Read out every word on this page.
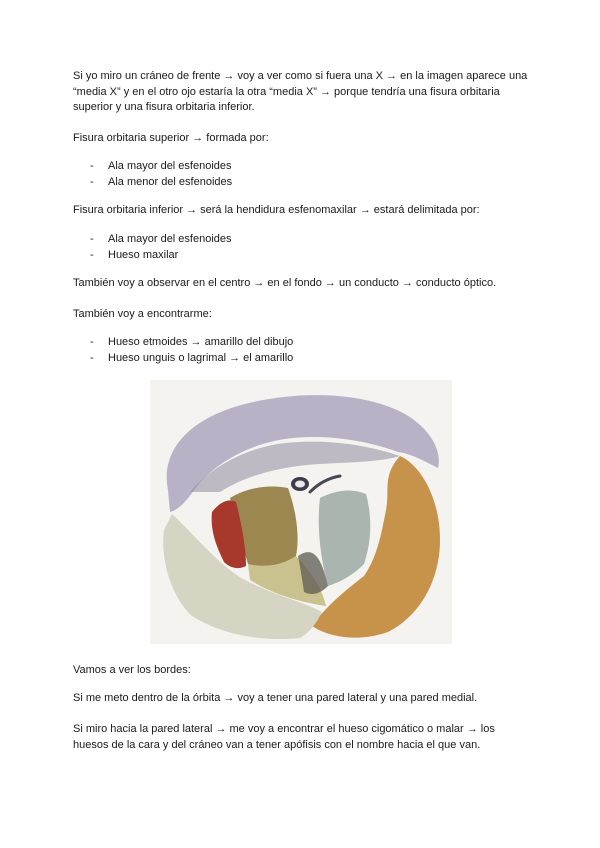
Si yo miro un cráneo de frente → voy a ver como si fuera una X → en la imagen aparece una “media X” y en el otro ojo estaría la otra “media X” → porque tendría una fisura orbitaria superior y una fisura orbitaria inferior.

Fisura orbitaria superior → formada por:

- Ala mayor del esfenoides

- Ala menor del esfenoides

Fisura orbitaria inferior → será la hendidura esfenomaxilar → estará delimitada por:

- Ala mayor del esfenoides

- Hueso maxilar

También voy a observar en el centro → en el fondo → un conducto → conducto óptico.

También voy a encontrarme:

- Hueso etmoides → amarillo del dibujo

- Hueso unguis o lagrimal → el amarillo

Vamos a ver los bordes:

Si me meto dentro de la órbita → voy a tener una pared lateral y una pared medial.

Si miro hacia la pared lateral → me voy a encontrar el hueso cigomático o malar → los huesos de la cara y del cráneo van a tener apófisis con el nombre hacia el que van.
